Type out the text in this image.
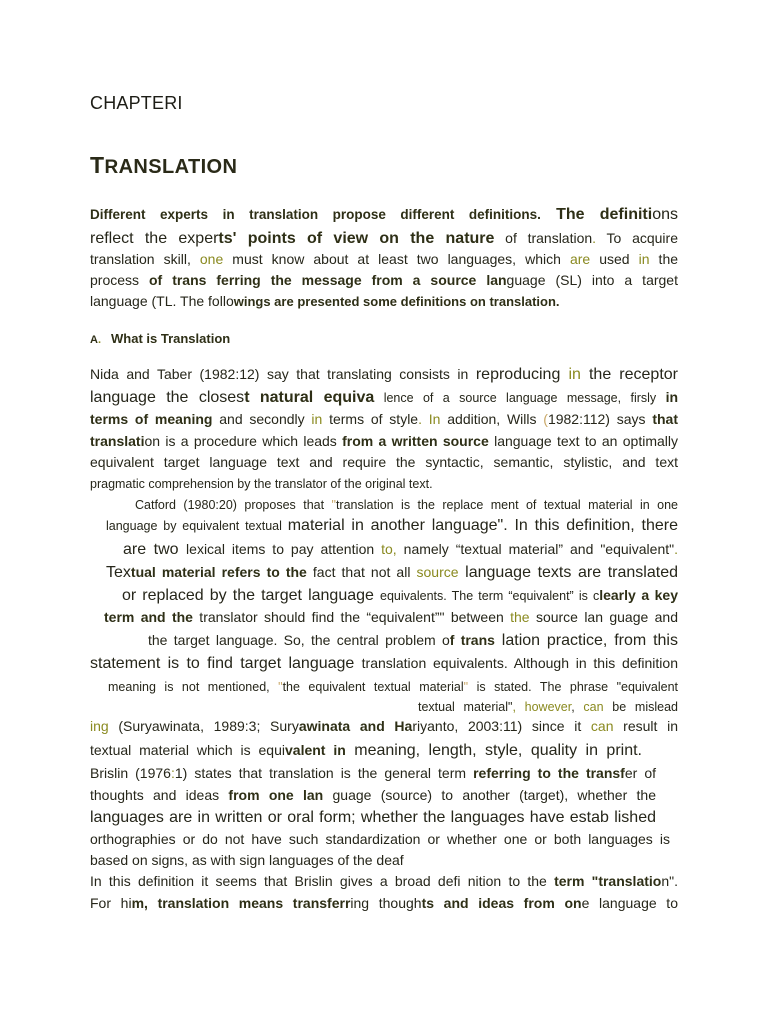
CHAPTERI
TRANSLATION
Different experts in translation propose different definitions. The definitions
reflect the experts' points of view on the nature of translation. To acquire
translation skill, one must know about at least two languages, which are used in the
process of trans ferring the message from a source language (SL) into a target
language (TL. The followings are presented some definitions on translation.
A. What is Translation
Nida and Taber (1982:12) say that translating consists in reproducing in the receptor
language the closest natural equiva lence of a source language message, firsly in
terms of meaning and secondly in terms of style. In addition, Wills (1982:112) says that
translation is a procedure which leads from a written source language text to an optimally
equivalent target language text and require the syntactic, semantic, stylistic, and text
pragmatic comprehension by the translator of the original text.
Catford (1980:20) proposes that "translation is the replace ment of textual material in one
language by equivalent textual material in another language". In this definition, there
are two lexical items to pay attention to, namely “textual material” and "equivalent".
Textual material refers to the fact that not all source language texts are translated
or replaced by the target language equivalents. The term “equivalent” is clearly a key
term and the translator should find the “equivalent”" between the source lan guage and
the target language. So, the central problem of trans lation practice, from this
statement is to find target language translation equivalents. Although in this definition
meaning is not mentioned, "the equivalent textual material" is stated. The phrase "equivalent
textual material", however, can be mislead
ing (Suryawinata, 1989:3; Suryawinata and Hariyanto, 2003:11) since it can result in
textual material which is equivalent in meaning, length, style, quality in print.
Brislin (1976:1) states that translation is the general term referring to the transfer of
thoughts and ideas from one lan guage (source) to another (target), whether the
languages are in written or oral form; whether the languages have estab lished
orthographies or do not have such standardization or whether one or both languages is
based on signs, as with sign languages of the deaf
In this definition it seems that Brislin gives a broad defi nition to the term "translation".
For him, translation means transferring thoughts and ideas from one language to
